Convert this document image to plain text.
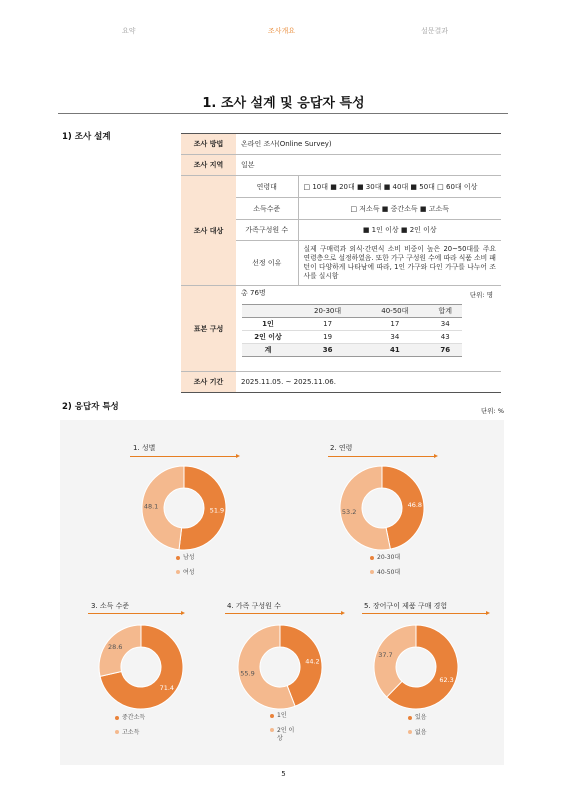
요약	조사개요	설문결과
1. 조사 설계 및 응답자 특성
1) 조사 설계
조사 방법	온라인 조사(Online Survey)
조사 지역	일본
조사 대상	연령대	□ 10대 ■ 20대 ■ 30대 ■ 40대 ■ 50대 □ 60대 이상
소득수준	□ 저소득 ■ 중간소득 ■ 고소득
가족구성원 수	■ 1인 이상 ■ 2인 이상
선정 이유	실제 구매력과 외식·간편식 소비 비중이 높은 20~50대를 주요 연령층으로 설정하였음. 또한 가구 구성원 수에 따라 식품 소비 패턴이 다양하게 나타남에 따라, 1인 가구와 다인 가구를 나누어 조사를 실시함
표본 구성	
총 76명	단위: 명
	20-30대	40-50대	합계
1인	17	17	34
2인 이상	19	34	43
계	36	41	76

조사 기간	2025.11.05. ~ 2025.11.06.
2) 응답자 특성	단위: %
1. 성별
51.9
48.1
남성
여성
2. 연령
46.8
53.2
20-30대
40-50대
3. 소득 수준
71.4
28.6
중간소득
고소득
4. 가족 구성원 수
44.2
55.9
1인
2인 이상
5. 장어구이 제품 구매 경험
62.3
37.7
있음
없음
5
